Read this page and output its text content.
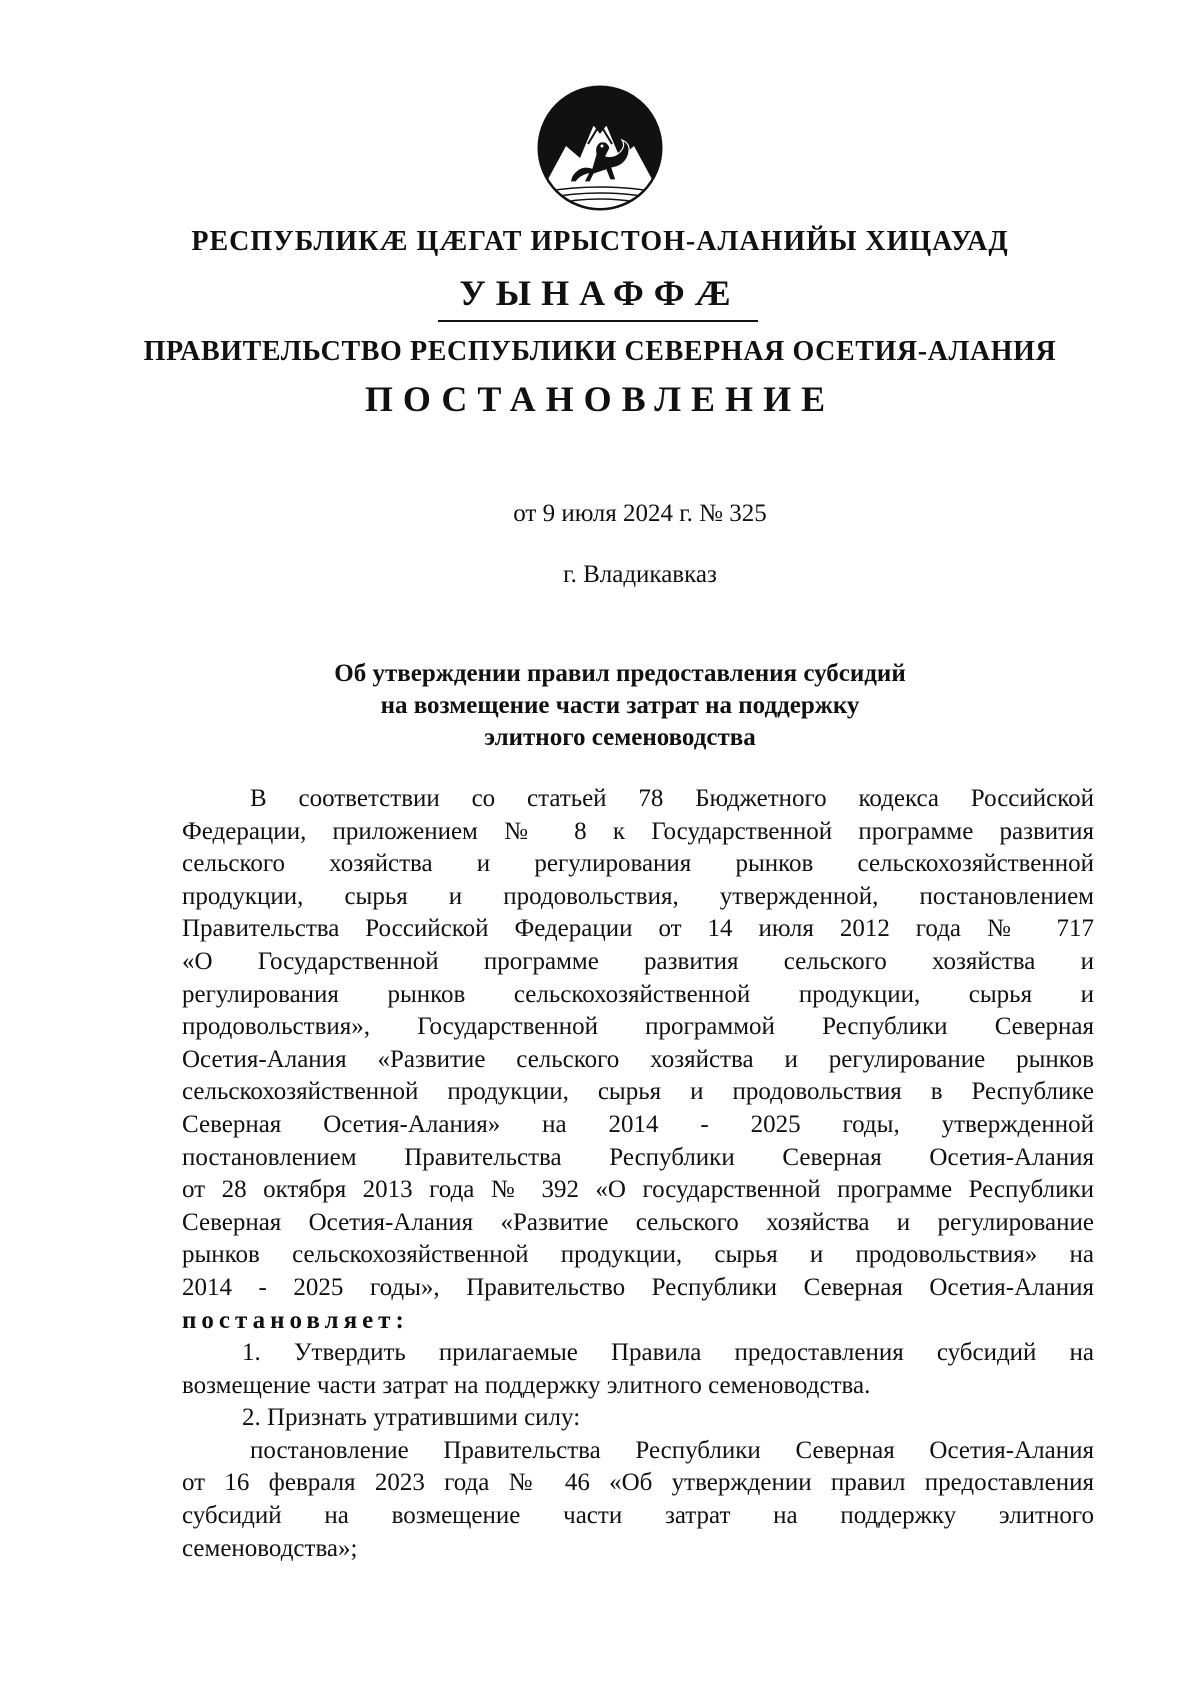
РЕСПУБЛИКÆ ЦÆГАТ ИРЫСТОН-АЛАНИЙЫ ХИЦАУАД
УЫНАФФÆ
ПРАВИТЕЛЬСТВО РЕСПУБЛИКИ СЕВЕРНАЯ ОСЕТИЯ-АЛАНИЯ
ПОСТАНОВЛЕНИЕ
от 9 июля 2024 г. № 325
г. Владикавказ
Об утверждении правил предоставления субсидий
на возмещение части затрат на поддержку
элитного семеноводства
В соответствии со статьей 78 Бюджетного кодекса Российской
Федерации, приложением № 8 к Государственной программе развития
сельского хозяйства и регулирования рынков сельскохозяйственной
продукции, сырья и продовольствия, утвержденной, постановлением
Правительства Российской Федерации от 14 июля 2012 года № 717
«О Государственной программе развития сельского хозяйства и
регулирования рынков сельскохозяйственной продукции, сырья и
продовольствия», Государственной программой Республики Северная
Осетия-Алания «Развитие сельского хозяйства и регулирование рынков
сельскохозяйственной продукции, сырья и продовольствия в Республике
Северная Осетия-Алания» на 2014 - 2025 годы, утвержденной
постановлением Правительства Республики Северная Осетия-Алания
от 28 октября 2013 года № 392 «О государственной программе Республики
Северная Осетия-Алания «Развитие сельского хозяйства и регулирование
рынков сельскохозяйственной продукции, сырья и продовольствия» на
2014 - 2025 годы», Правительство Республики Северная Осетия-Алания
постановляет:
1. Утвердить прилагаемые Правила предоставления субсидий на
возмещение части затрат на поддержку элитного семеноводства.
2. Признать утратившими силу:
постановление Правительства Республики Северная Осетия-Алания
от 16 февраля 2023 года № 46 «Об утверждении правил предоставления
субсидий на возмещение части затрат на поддержку элитного
семеноводства»;
